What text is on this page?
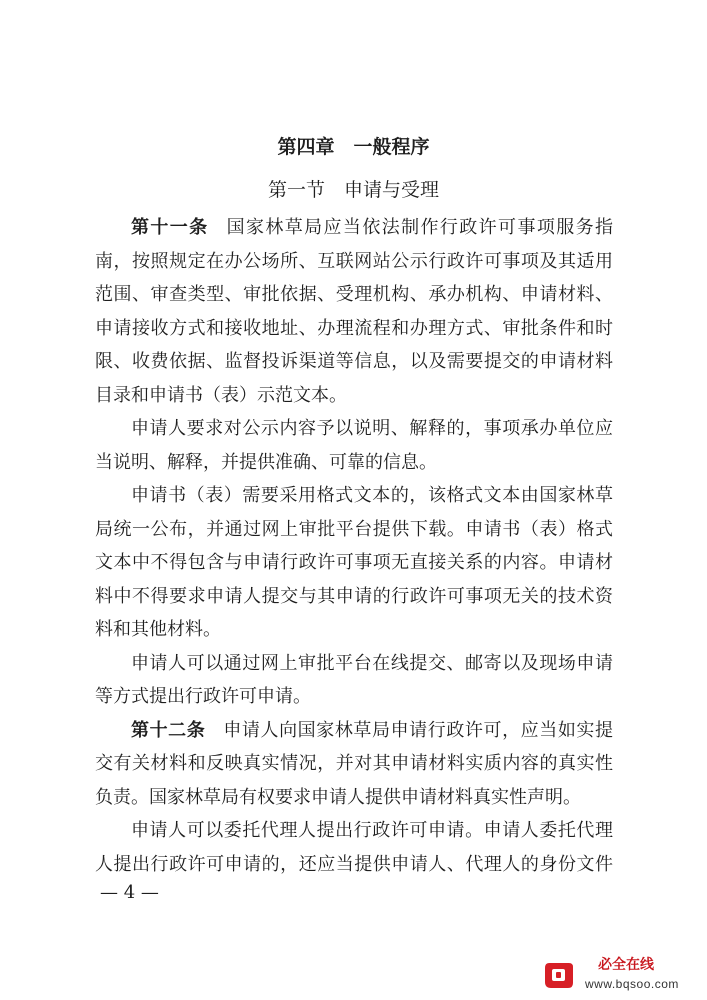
第四章　一般程序
第一节　申请与受理
第十一条 国家林草局应当依法制作行政许可事项服务指
南，按照规定在办公场所、互联网站公示行政许可事项及其适用
范围、审查类型、审批依据、受理机构、承办机构、申请材料、
申请接收方式和接收地址、办理流程和办理方式、审批条件和时
限、收费依据、监督投诉渠道等信息，以及需要提交的申请材料
目录和申请书（表）示范文本。
申请人要求对公示内容予以说明、解释的，事项承办单位应
当说明、解释，并提供准确、可靠的信息。
申请书（表）需要采用格式文本的，该格式文本由国家林草
局统一公布，并通过网上审批平台提供下载。申请书（表）格式
文本中不得包含与申请行政许可事项无直接关系的内容。申请材
料中不得要求申请人提交与其申请的行政许可事项无关的技术资
料和其他材料。
申请人可以通过网上审批平台在线提交、邮寄以及现场申请
等方式提出行政许可申请。
第十二条 申请人向国家林草局申请行政许可，应当如实提
交有关材料和反映真实情况，并对其申请材料实质内容的真实性
负责。国家林草局有权要求申请人提供申请材料真实性声明。
申请人可以委托代理人提出行政许可申请。申请人委托代理
人提出行政许可申请的，还应当提供申请人、代理人的身份文件
— 4 —
必全在线
www.bqsoo.com
